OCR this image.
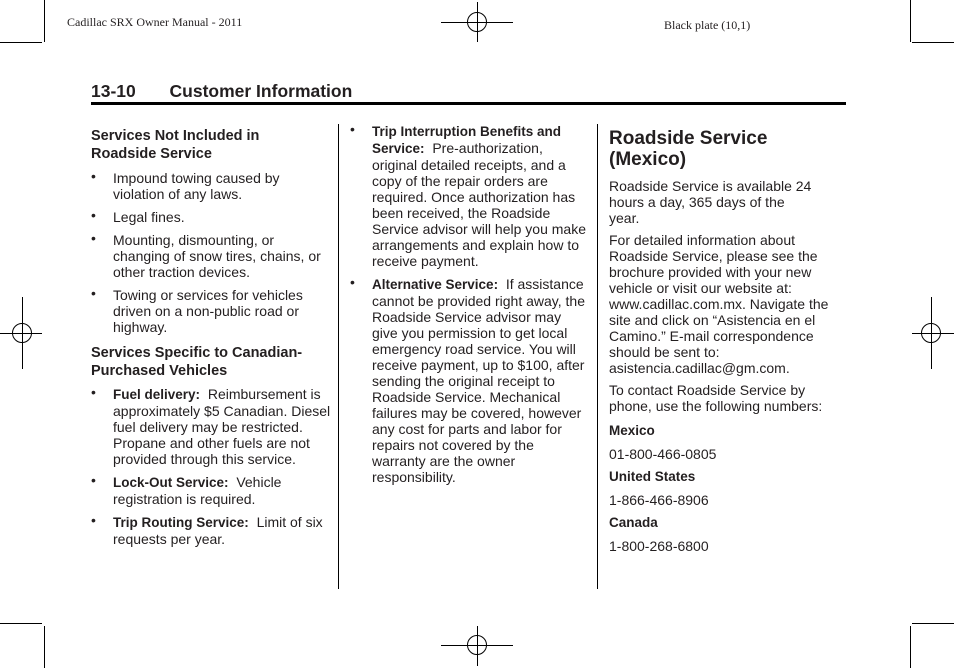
Cadillac SRX Owner Manual - 2011	Black plate (10,1)
13-10 Customer Information

Services Not Included in Roadside Service

• Impound towing caused by violation of any laws.
• Legal fines.
• Mounting, dismounting, or changing of snow tires, chains, or other traction devices.
• Towing or services for vehicles driven on a non-public road or highway.

Services Specific to Canadian-Purchased Vehicles

• Fuel delivery: Reimbursement is approximately $5 Canadian. Diesel fuel delivery may be restricted. Propane and other fuels are not provided through this service.
• Lock-Out Service: Vehicle registration is required.
• Trip Routing Service: Limit of six requests per year.
• Trip Interruption Benefits and Service: Pre-authorization, original detailed receipts, and a copy of the repair orders are required. Once authorization has been received, the Roadside Service advisor will help you make arrangements and explain how to receive payment.
• Alternative Service: If assistance cannot be provided right away, the Roadside Service advisor may give you permission to get local emergency road service. You will receive payment, up to $100, after sending the original receipt to Roadside Service. Mechanical failures may be covered, however any cost for parts and labor for repairs not covered by the warranty are the owner responsibility.

Roadside Service (Mexico)

Roadside Service is available 24 hours a day, 365 days of the year.

For detailed information about Roadside Service, please see the brochure provided with your new vehicle or visit our website at: www.cadillac.com.mx. Navigate the site and click on “Asistencia en el Camino.” E-mail correspondence should be sent to: asistencia.cadillac@gm.com.

To contact Roadside Service by phone, use the following numbers:

Mexico

01-800-466-0805

United States

1-866-466-8906

Canada

1-800-268-6800
